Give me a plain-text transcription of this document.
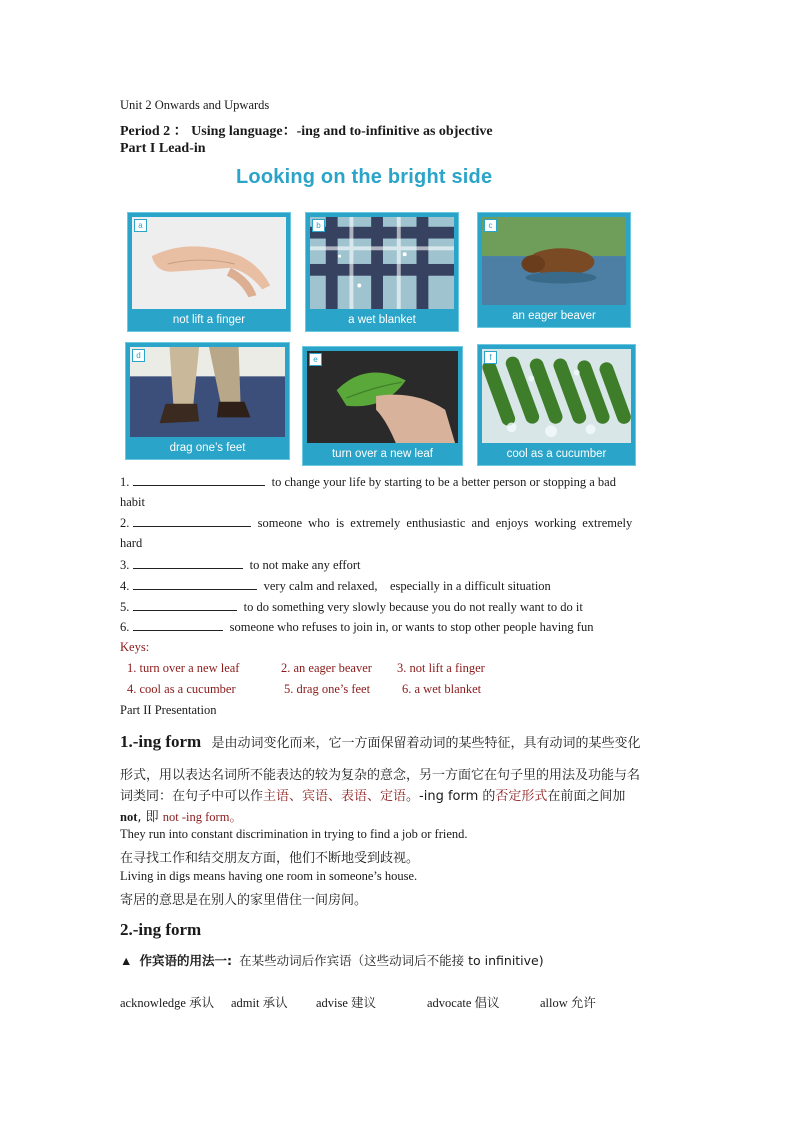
Unit 2 Onwards and Upwards
Period 2 ： Using language：-ing and to-infinitive as objective
Part I Lead-in
Looking on the bright side
a
not lift a finger
b
a wet blanket
c
an eager beaver
d
drag one’s feet
e
turn over a new leaf
f
cool as a cucumber
1.	to change your life by starting to be a better person or stopping a bad
habit
2.	someone who is extremely enthusiastic and enjoys working extremely
hard
3.	to not make any effort
4.	very calm and relaxed,    especially in a difficult situation
5.	to do something very slowly because you do not really want to do it
6.	someone who refuses to join in, or wants to stop other people having fun
Keys:
1. turn over a new leaf	2. an eager beaver 3. not lift a finger
4. cool as a cucumber	5. drag one’s feet	6. a wet blanket
Part II Presentation
1.-ing form 是由动词变化而来，它一方面保留着动词的某些特征，具有动词的某些变化
形式，用以表达名词所不能表达的较为复杂的意念，另一方面它在句子里的用法及功能与名
词类同：在句子中可以作主语、宾语、表语、定语。-ing form 的否定形式在前面之间加
not, 即 not -ing form。
They run into constant discrimination in trying to find a job or friend.
在寻找工作和结交朋友方面，他们不断地受到歧视。
Living in digs means having one room in someone’s house.
寄居的意思是在别人的家里借住一间房间。
2.-ing form
▲ 作宾语的用法一: 在某些动词后作宾语（这些动词后不能接 to infinitive)
acknowledge 承认 admit 承认 advise 建议	advocate 倡议	allow 允许
